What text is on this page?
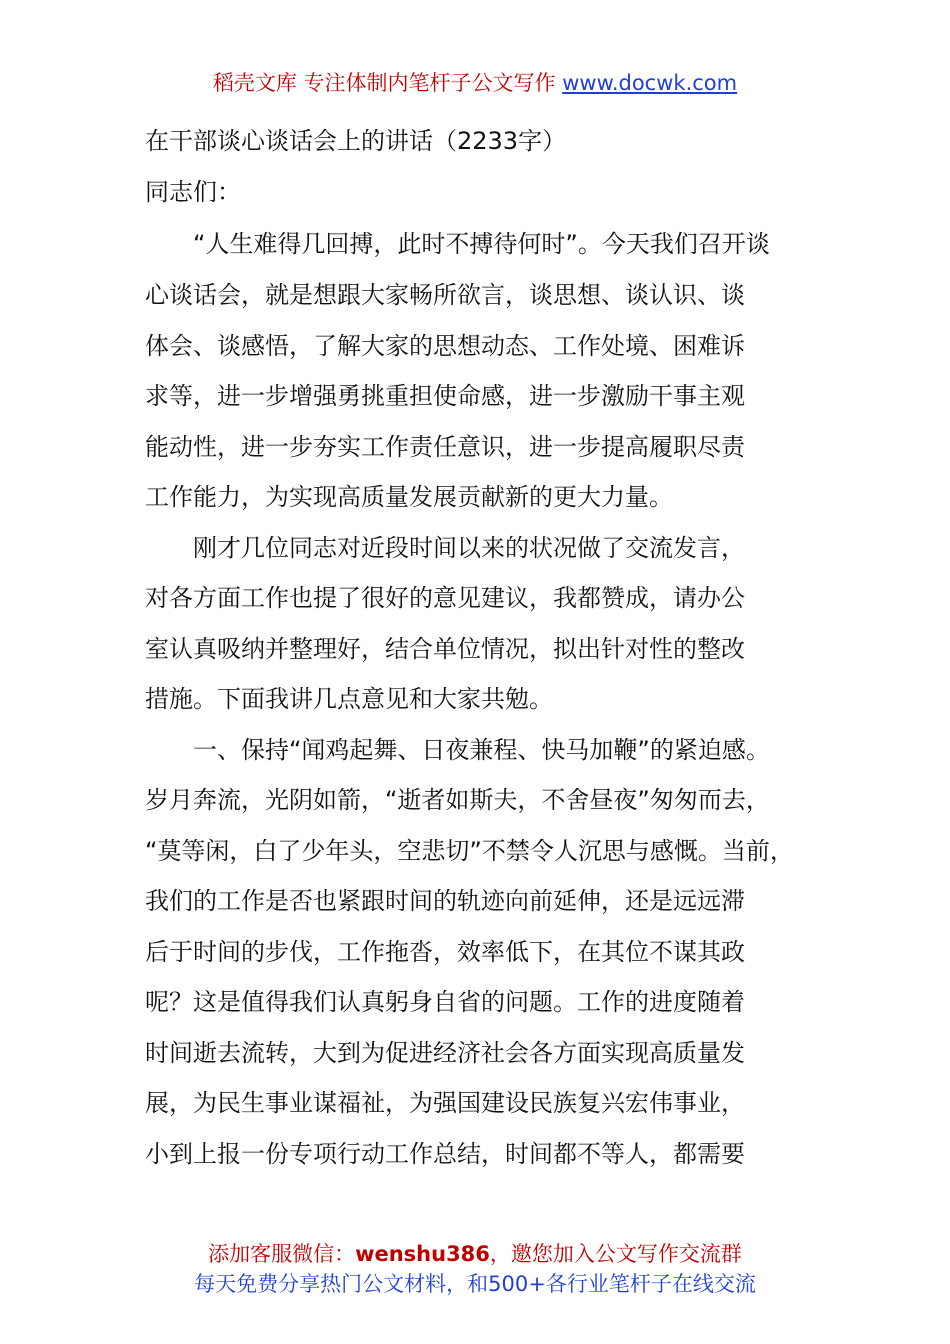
稻壳文库 专注体制内笔杆子公文写作 www.docwk.com
在干部谈心谈话会上的讲话（2233字）
同志们：
　　“人生难得几回搏，此时不搏待何时”。今天我们召开谈
心谈话会，就是想跟大家畅所欲言，谈思想、谈认识、谈
体会、谈感悟，了解大家的思想动态、工作处境、困难诉
求等，进一步增强勇挑重担使命感，进一步激励干事主观
能动性，进一步夯实工作责任意识，进一步提高履职尽责
工作能力，为实现高质量发展贡献新的更大力量。
　　刚才几位同志对近段时间以来的状况做了交流发言，
对各方面工作也提了很好的意见建议，我都赞成，请办公
室认真吸纳并整理好，结合单位情况，拟出针对性的整改
措施。下面我讲几点意见和大家共勉。
　　一、保持“闻鸡起舞、日夜兼程、快马加鞭”的紧迫感。
岁月奔流，光阴如箭，“逝者如斯夫，不舍昼夜”匆匆而去，
“莫等闲，白了少年头，空悲切”不禁令人沉思与感慨。当前，
我们的工作是否也紧跟时间的轨迹向前延伸，还是远远滞
后于时间的步伐，工作拖沓，效率低下，在其位不谋其政
呢？这是值得我们认真躬身自省的问题。工作的进度随着
时间逝去流转，大到为促进经济社会各方面实现高质量发
展，为民生事业谋福祉，为强国建设民族复兴宏伟事业，
小到上报一份专项行动工作总结，时间都不等人，都需要
添加客服微信：wenshu386，邀您加入公文写作交流群
每天免费分享热门公文材料，和500+各行业笔杆子在线交流
